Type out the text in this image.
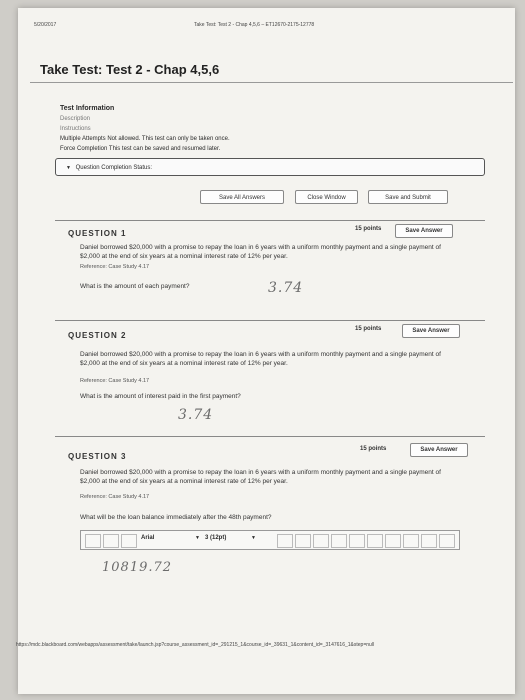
5/20/2017	Take Test: Test 2 - Chap 4,5,6 – ET12670-2175-12778
Take Test: Test 2 - Chap 4,5,6
Test Information
Description
Instructions
Multiple Attempts Not allowed. This test can only be taken once.
Force Completion This test can be saved and resumed later.
▼ Question Completion Status:
Save All Answers	Close Window	Save and Submit
QUESTION 1	15 points	Save Answer
Daniel borrowed $20,000 with a promise to repay the loan in 6 years with a uniform monthly payment and a single payment of $2,000 at the end of six years at a nominal interest rate of 12% per year.
Reference: Case Study 4.17
What is the amount of each payment?	3.74
QUESTION 2
15 points	Save Answer
Daniel borrowed $20,000 with a promise to repay the loan in 6 years with a uniform monthly payment and a single payment of $2,000 at the end of six years at a nominal interest rate of 12% per year.
Reference: Case Study 4.17
What is the amount of interest paid in the first payment?
3.74
QUESTION 3
15 points	Save Answer
Daniel borrowed $20,000 with a promise to repay the loan in 6 years with a uniform monthly payment and a single payment of $2,000 at the end of six years at a nominal interest rate of 12% per year.
Reference: Case Study 4.17
What will be the loan balance immediately after the 48th payment?
Arial	▼ 3 (12pt)	▼
10819.72
https://mdc.blackboard.com/webapps/assessment/take/launch.jsp?course_assessment_id=_291215_1&course_id=_39631_1&content_id=_3147616_1&step=null
